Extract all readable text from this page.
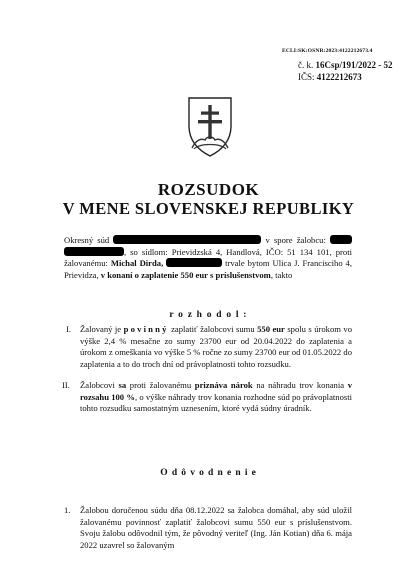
ECLI:SK:OSNR:2023:4122212673.4
č. k. 16Csp/191/2022 - 52
IČS: 4122212673
ROZSUDOK
V MENE SLOVENSKEJ REPUBLIKY
Okresný súd	v spore žalobcu:  , so sídlom: Prievidzská 4, Handlová, IČO: 51 134 101, proti žalovanému: Michal Dirda,	trvale bytom Ulica J. Francisciho 4, Prievidza, v konaní o zaplatenie 550 eur s príslušenstvom, takto
r o z h o d o l :
I. Žalovaný je povinný zaplatiť žalobcovi sumu 550 eur spolu s úrokom vo výške 2,4 % mesačne zo sumy 23700 eur od 20.04.2022 do zaplatenia a úrokom z omeškania vo výške 5 % ročne zo sumy 23700 eur od 01.05.2022 do zaplatenia a to do troch dní od právoplatnosti tohto rozsudku.
II. Žalobcovi sa proti žalovanému priznáva nárok na náhradu trov konania v rozsahu 100 %, o výške náhrady trov konania rozhodne súd po právoplatnosti tohto rozsudku samostatným uznesením, ktoré vydá súdny úradník.
O d ô v o d n e n i e
1. Žalobou doručenou súdu dňa 08.12.2022 sa žalobca domáhal, aby súd uložil žalovanému povinnosť zaplatiť žalobcovi sumu 550 eur s príslušenstvom. Svoju žalobu odôvodnil tým, že pôvodný veriteľ (Ing. Ján Kotian) dňa 6. mája 2022 uzavrel so žalovaným
